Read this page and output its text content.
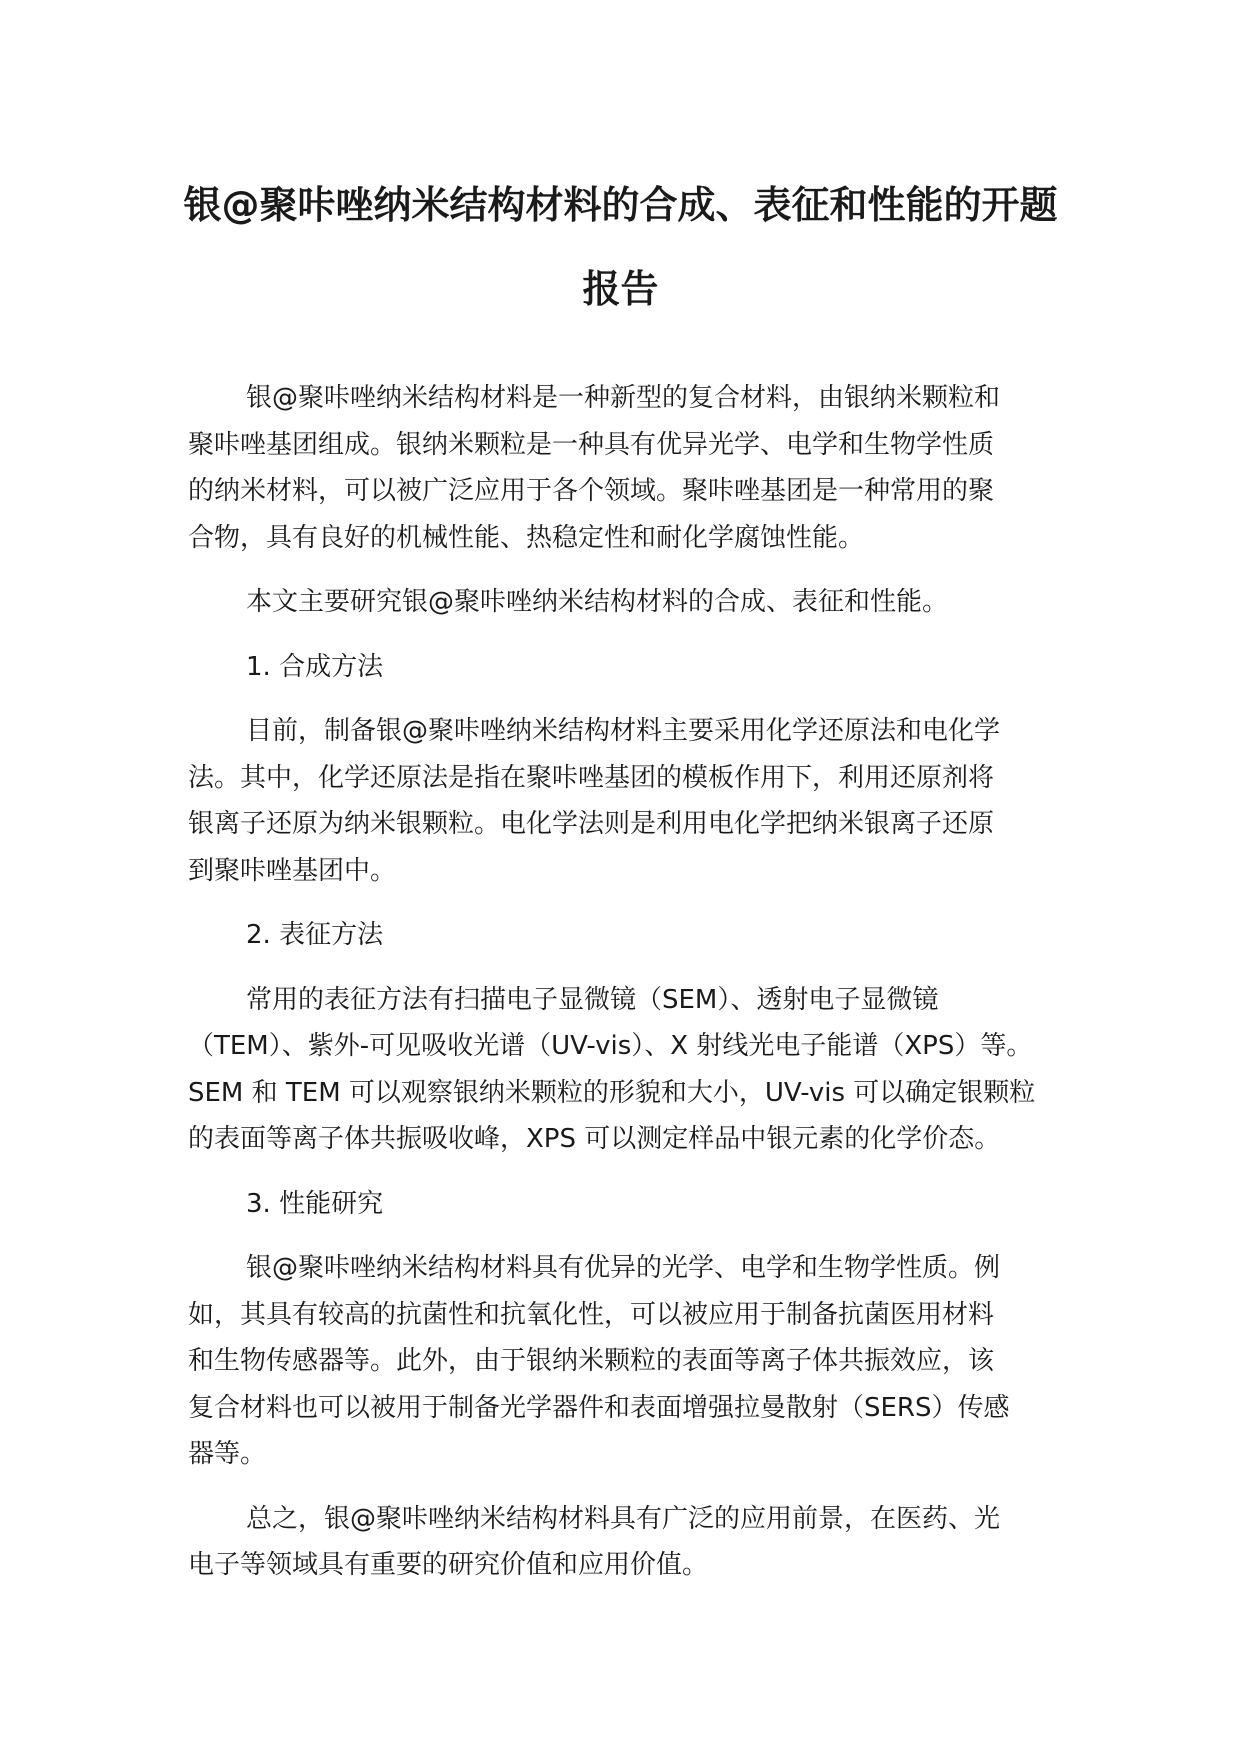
银@聚咔唑纳米结构材料的合成、表征和性能的开题
报告
银@聚咔唑纳米结构材料是一种新型的复合材料，由银纳米颗粒和
聚咔唑基团组成。银纳米颗粒是一种具有优异光学、电学和生物学性质
的纳米材料，可以被广泛应用于各个领域。聚咔唑基团是一种常用的聚
合物，具有良好的机械性能、热稳定性和耐化学腐蚀性能。
本文主要研究银@聚咔唑纳米结构材料的合成、表征和性能。
1. 合成方法
目前，制备银@聚咔唑纳米结构材料主要采用化学还原法和电化学
法。其中，化学还原法是指在聚咔唑基团的模板作用下，利用还原剂将
银离子还原为纳米银颗粒。电化学法则是利用电化学把纳米银离子还原
到聚咔唑基团中。
2. 表征方法
常用的表征方法有扫描电子显微镜（SEM）、透射电子显微镜
（TEM）、紫外-可见吸收光谱（UV-vis）、X 射线光电子能谱（XPS）等。
SEM 和 TEM 可以观察银纳米颗粒的形貌和大小，UV-vis 可以确定银颗粒
的表面等离子体共振吸收峰，XPS 可以测定样品中银元素的化学价态。
3. 性能研究
银@聚咔唑纳米结构材料具有优异的光学、电学和生物学性质。例
如，其具有较高的抗菌性和抗氧化性，可以被应用于制备抗菌医用材料
和生物传感器等。此外，由于银纳米颗粒的表面等离子体共振效应，该
复合材料也可以被用于制备光学器件和表面增强拉曼散射（SERS）传感
器等。
总之，银@聚咔唑纳米结构材料具有广泛的应用前景，在医药、光
电子等领域具有重要的研究价值和应用价值。
